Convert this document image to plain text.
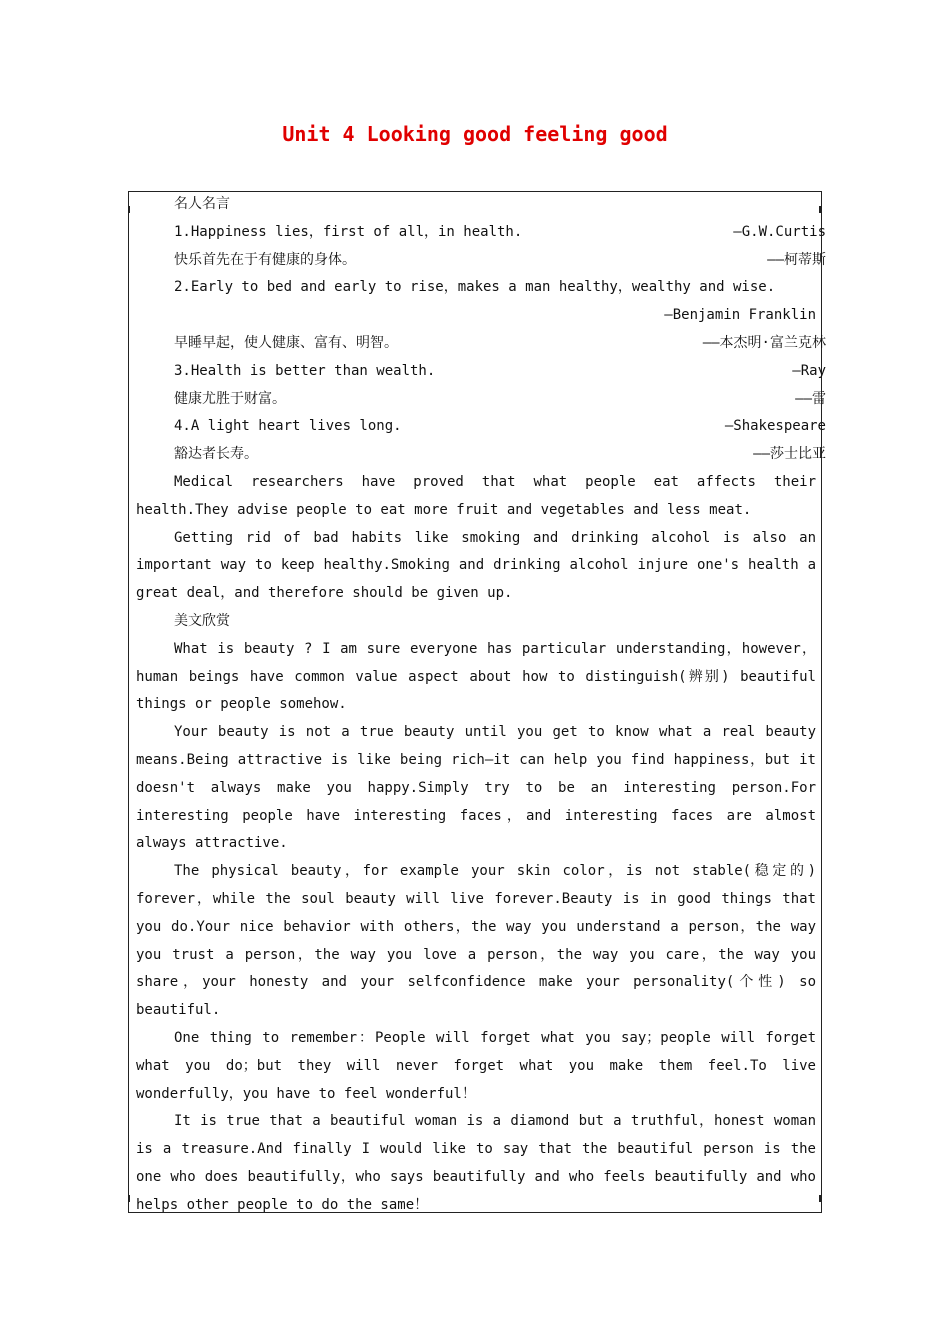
Unit 4 Looking good feeling good
名人名言
1.Happiness lies，first of all，in health.	—G.W.Curtis
快乐首先在于有健康的身体。	——柯蒂斯
2.Early to bed and early to rise，makes a man healthy，wealthy and wise.
—Benjamin Franklin
早睡早起，使人健康、富有、明智。	——本杰明·富兰克林
3.Health is better than wealth.	—Ray
健康尤胜于财富。	——雷
4.A light heart lives long.	—Shakespeare
豁达者长寿。	——莎士比亚

Medical researchers have proved that what people eat affects their health.They advise people to eat more fruit and vegetables and less meat.

Getting rid of bad habits like smoking and drinking alcohol is also an important way to keep healthy.Smoking and drinking alcohol injure one's health a great deal，and therefore should be given up.

美文欣赏

What is beauty ? I am sure everyone has particular understanding，however，human beings have common value aspect about how to distinguish(辨别) beautiful things or people somehow.

Your beauty is not a true beauty until you get to know what a real beauty means.Being attractive is like being rich—it can help you find happiness，but it doesn't always make you happy.Simply try to be an interesting person.For interesting people have interesting faces，and interesting faces are almost always attractive.

The physical beauty，for example your skin color，is not stable(稳定的) forever，while the soul beauty will live forever.Beauty is in good things that you do.Your nice behavior with others，the way you understand a person，the way you trust a person，the way you love a person，the way you care，the way you share，your honesty and your selfconfidence make your personality(个性) so beautiful.

One thing to remember：People will forget what you say；people will forget what you do；but they will never forget what you make them feel.To live wonderfully，you have to feel wonderful！

It is true that a beautiful woman is a diamond but a truthful，honest woman is a treasure.And finally I would like to say that the beautiful person is the one who does beautifully，who says beautifully and who feels beautifully and who helps other people to do the same！
